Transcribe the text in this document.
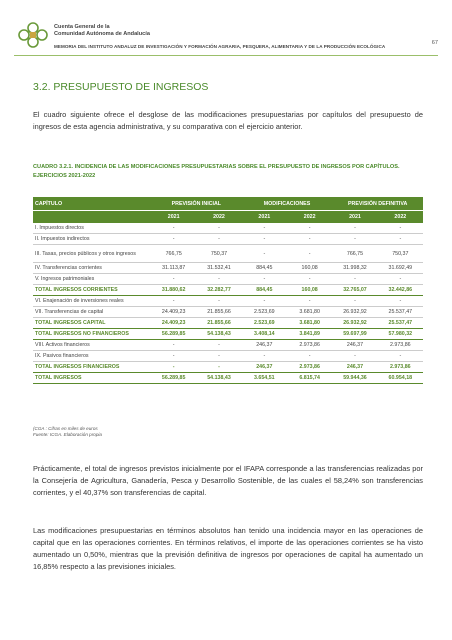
Cuenta General de la
Comunidad Autónoma de Andalucía
67
MEMORIA DEL INSTITUTO ANDALUZ DE INVESTIGACIÓN Y FORMACIÓN AGRARIA, PESQUERA, ALIMENTARIA Y DE LA PRODUCCIÓN ECOLÓGICA
3.2. PRESUPUESTO DE INGRESOS
El cuadro siguiente ofrece el desglose de las modificaciones presupuestarias por capítulos del presupuesto de ingresos de esta agencia administrativa, y su comparativa con el ejercicio anterior.
CUADRO 3.2.1. INCIDENCIA DE LAS MODIFICACIONES PRESUPUESTARIAS SOBRE EL PRESUPUESTO DE INGRESOS POR CAPÍTULOS. EJERCICIOS 2021-2022
CAPÍTULO	PREVISIÓN INICIAL		MODIFICACIONES		PREVISIÓN DEFINITIVA	
	2021	2022	2021	2022	2021	2022
I. Impuestos directos	-	-	-	-	-	-
II. Impuestos indirectos	-	-	-	-	-	-
III. Tasas, precios públicos y otros ingresos	766,75	750,37	-	-	766,75	750,37
IV. Transferencias corrientes	31.113,87	31.532,41	884,45	160,08	31.998,32	31.692,49
V. Ingresos patrimoniales	-	-	-	-	-	-
TOTAL INGRESOS CORRIENTES	31.880,62	32.282,77	884,45	160,08	32.765,07	32.442,86
VI. Enajenación de inversiones reales	-	-	-	-	-	-
VII. Transferencias de capital	24.409,23	21.855,66	2.523,69	3.681,80	26.932,92	25.537,47
TOTAL INGRESOS CAPITAL	24.409,23	21.855,66	2.523,69	3.681,80	26.932,92	25.537,47
TOTAL INGRESOS NO FINANCIEROS	56.289,85	54.138,43	3.408,14	3.841,89	59.697,99	57.980,32
VIII. Activos financieros	-	-	246,37	2.973,86	246,37	2.973,86
IX. Pasivos financieros	-	-	-	-	-	-
TOTAL INGRESOS FINANCIEROS	-	-	246,37	2.973,86	246,37	2.973,86
TOTAL INGRESOS	56.289,85	54.138,43	3.654,51	6.815,74	59.944,36	60.954,18
(CGA : Cifras en miles de euros
Fuente: ICGA. Elaboración propia
Prácticamente, el total de ingresos previstos inicialmente por el IFAPA corresponde a las transferencias realizadas por la Consejería de Agricultura, Ganadería, Pesca y Desarrollo Sostenible, de las cuales el 58,24% son transferencias corrientes, y el 40,37% son transferencias de capital.
Las modificaciones presupuestarias en términos absolutos han tenido una incidencia mayor en las operaciones de capital que en las operaciones corrientes. En términos relativos, el importe de las operaciones corrientes se ha visto aumentado un 0,50%, mientras que la previsión definitiva de ingresos por operaciones de capital ha aumentado un 16,85% respecto a las previsiones iniciales.
